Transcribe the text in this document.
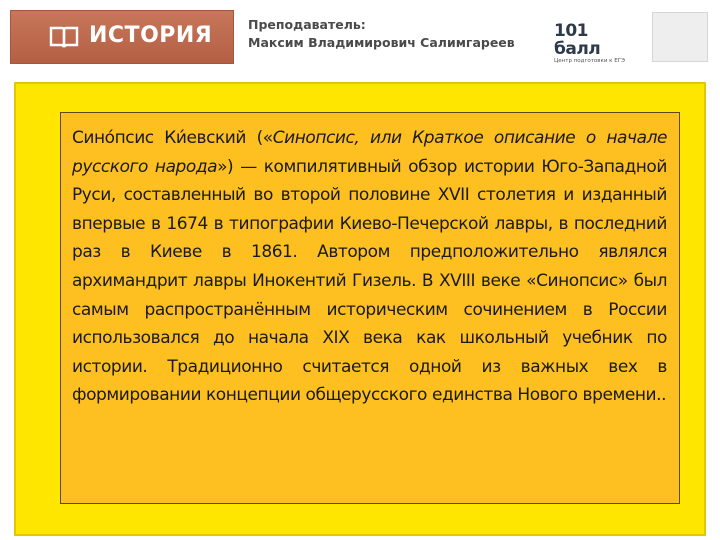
ИСТОРИЯ	Преподаватель:
Максим Владимирович Салимгареев
101 балл
Центр подготовки к ЕГЭ

Сино́псис Ки́евский («Синопсис, или Краткое описание о начале русского народа») — компилятивный обзор истории Юго-Западной Руси, составленный во второй половине XVII столетия и изданный впервые в 1674 в типографии Киево-Печерской лавры, в последний раз в Киеве в 1861. Автором предположительно являлся архимандрит лавры Инокентий Гизель. В XVIII веке «Синопсис» был самым распространённым историческим сочинением в России использовался до начала XIX века как школьный учебник по истории. Традиционно считается одной из важных вех в формировании концепции общерусского единства Нового времени..
